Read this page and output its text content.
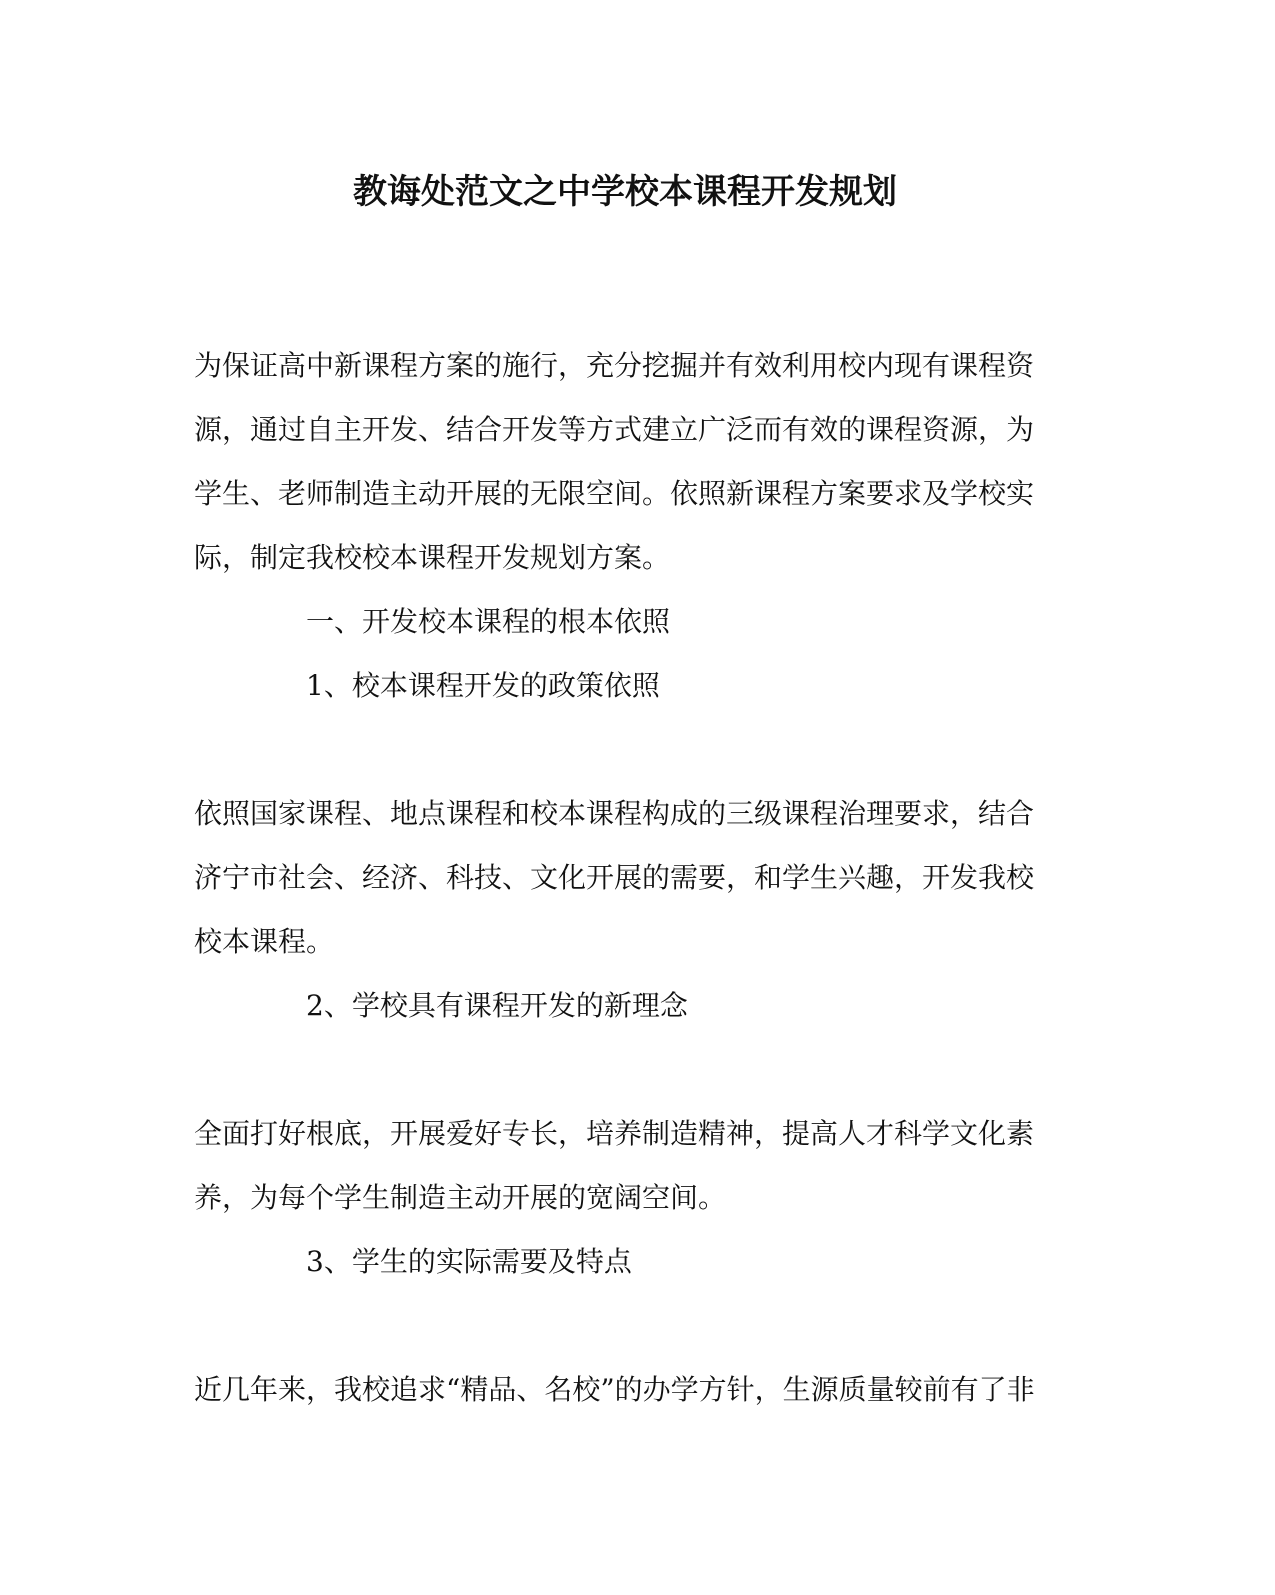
教诲处范文之中学校本课程开发规划

为保证高中新课程方案的施行，充分挖掘并有效利用校内现有课程资源，通过自主开发、结合开发等方式建立广泛而有效的课程资源，为学生、老师制造主动开展的无限空间。依照新课程方案要求及学校实际，制定我校校本课程开发规划方案。

一、开发校本课程的根本依照

1、校本课程开发的政策依照

依照国家课程、地点课程和校本课程构成的三级课程治理要求，结合济宁市社会、经济、科技、文化开展的需要，和学生兴趣，开发我校校本课程。

2、学校具有课程开发的新理念

全面打好根底，开展爱好专长，培养制造精神，提高人才科学文化素养，为每个学生制造主动开展的宽阔空间。

3、学生的实际需要及特点

近几年来，我校追求“精品、名校”的办学方针，生源质量较前有了非
